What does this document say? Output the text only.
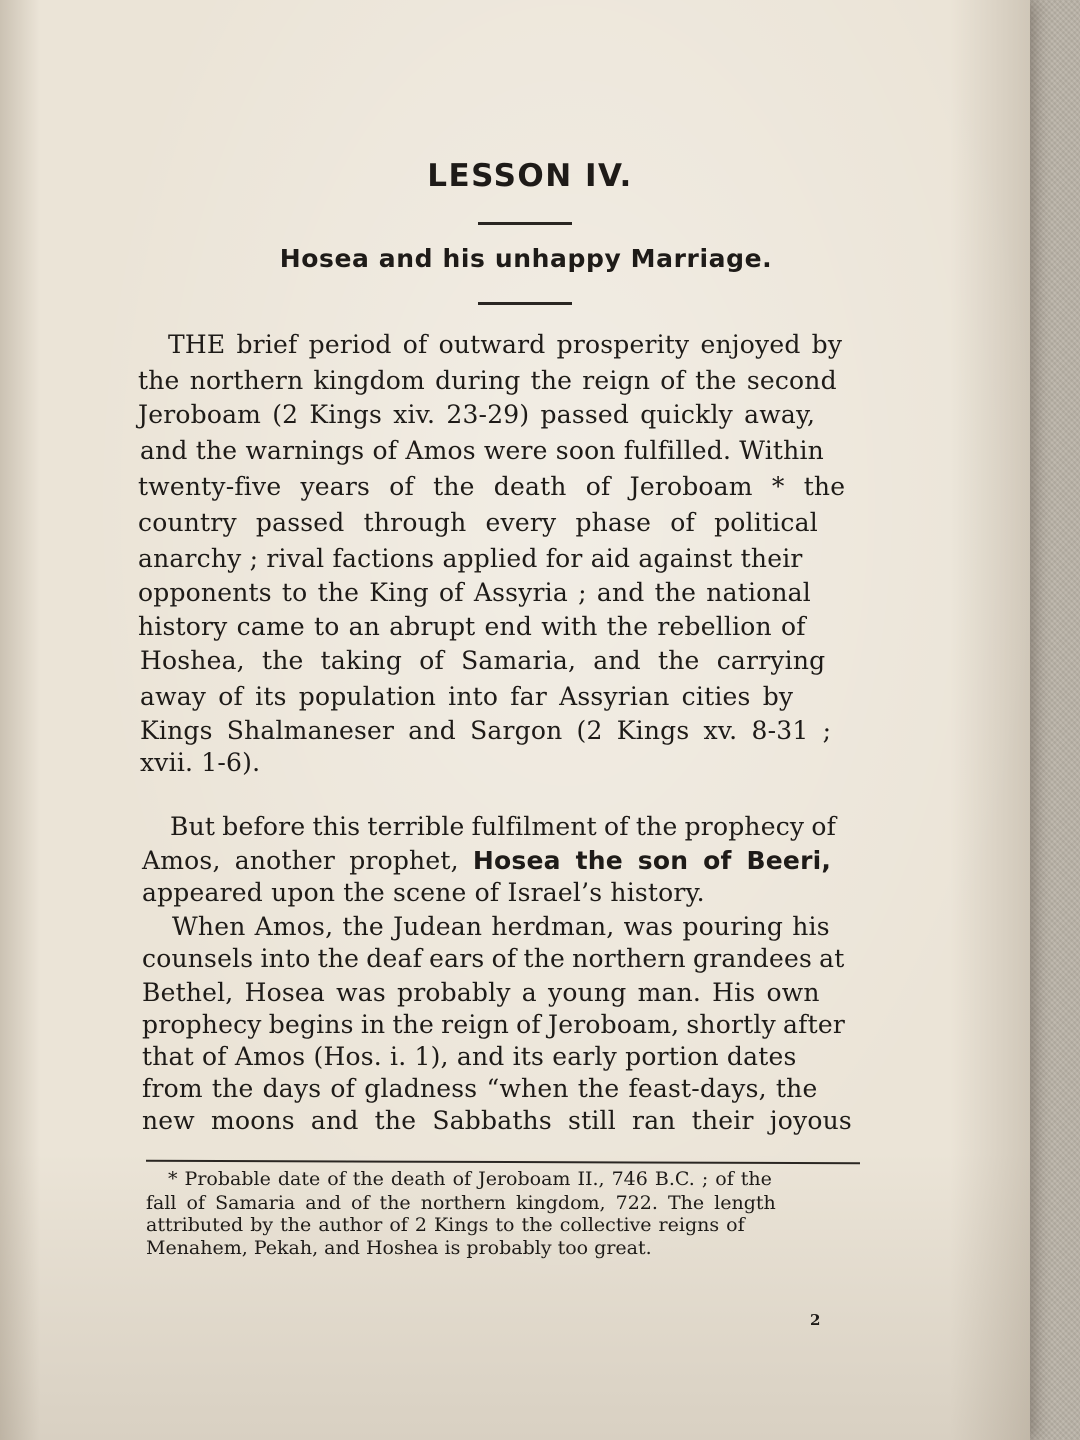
LESSON IV.
Hosea and his unhappy Marriage.
THE brief period of outward prosperity enjoyed by
the northern kingdom during the reign of the second
Jeroboam (2 Kings xiv. 23-29) passed quickly away,
and the warnings of Amos were soon fulfilled. Within
twenty-five years of the death of Jeroboam * the
country passed through every phase of political
anarchy ; rival factions applied for aid against their
opponents to the King of Assyria ; and the national
history came to an abrupt end with the rebellion of
Hoshea, the taking of Samaria, and the carrying
away of its population into far Assyrian cities by
Kings Shalmaneser and Sargon (2 Kings xv. 8-31 ;
xvii. 1-6).
But before this terrible fulfilment of the prophecy of
Amos, another prophet, Hosea the son of Beeri,
appeared upon the scene of Israel’s history.
When Amos, the Judean herdman, was pouring his
counsels into the deaf ears of the northern grandees at
Bethel, Hosea was probably a young man. His own
prophecy begins in the reign of Jeroboam, shortly after
that of Amos (Hos. i. 1), and its early portion dates
from the days of gladness “when the feast-days, the
new moons and the Sabbaths still ran their joyous
* Probable date of the death of Jeroboam II., 746 B.C. ; of the
fall of Samaria and of the northern kingdom, 722. The length
attributed by the author of 2 Kings to the collective reigns of
Menahem, Pekah, and Hoshea is probably too great.
2
